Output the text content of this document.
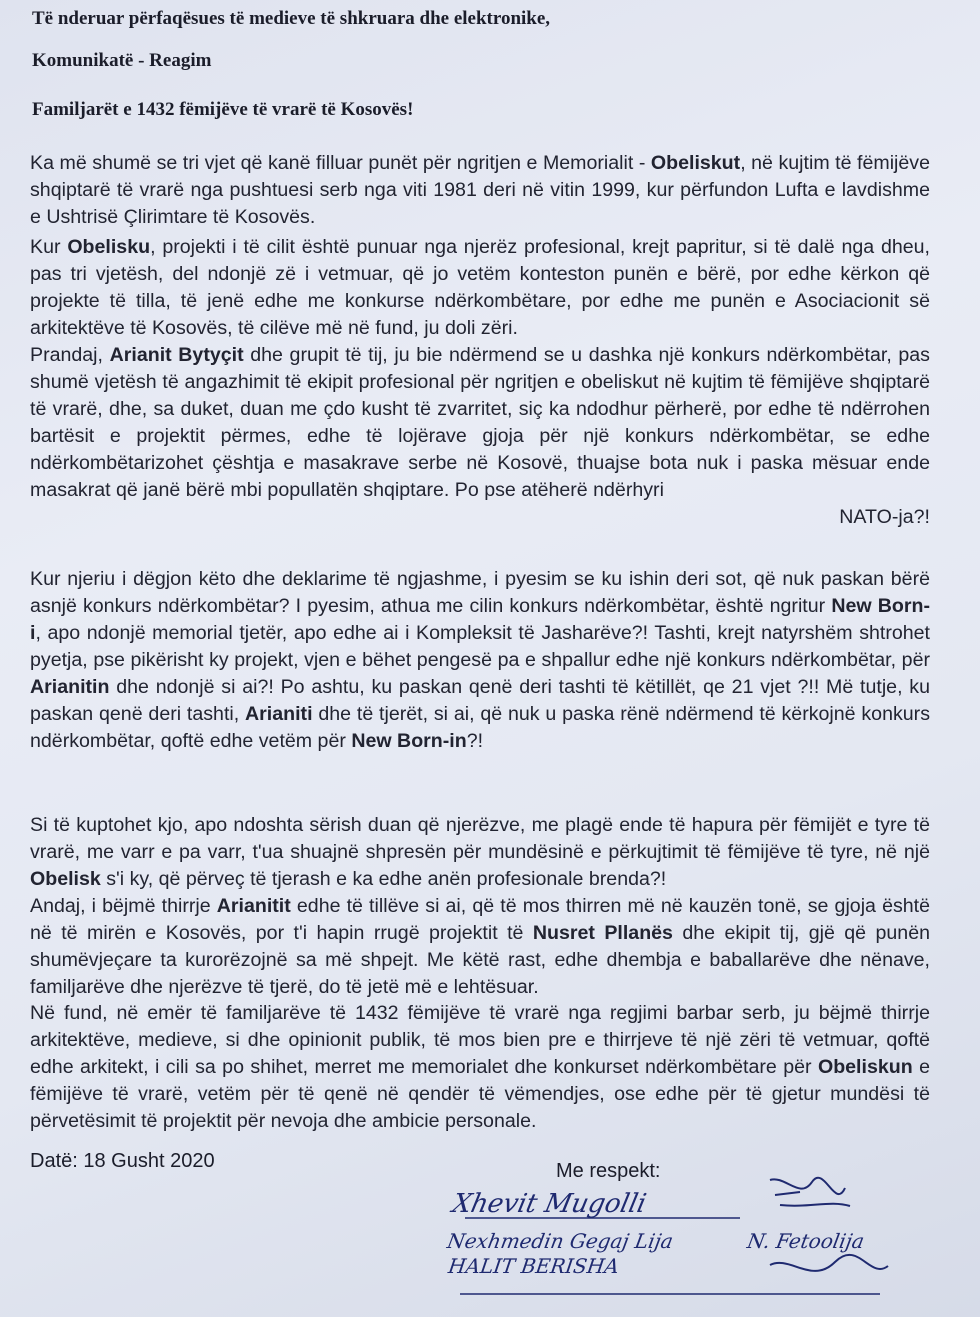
Të nderuar përfaqësues të medieve të shkruara dhe elektronike,
Komunikatë - Reagim
Familjarët e 1432 fëmijëve të vrarë të Kosovës!

Ka më shumë se tri vjet që kanë filluar punët për ngritjen e Memorialit - Obeliskut, në kujtim të fëmijëve shqiptarë të vrarë nga pushtuesi serb nga viti 1981 deri në vitin 1999, kur përfundon Lufta e lavdishme e Ushtrisë Çlirimtare të Kosovës.

Kur Obelisku, projekti i të cilit është punuar nga njerëz profesional, krejt papritur, si të dalë nga dheu, pas tri vjetësh, del ndonjë zë i vetmuar, që jo vetëm konteston punën e bërë, por edhe kërkon që projekte të tilla, të jenë edhe me konkurse ndërkombëtare, por edhe me punën e Asociacionit së arkitektëve të Kosovës, të cilëve më në fund, ju doli zëri.

Prandaj, Arianit Bytyçit dhe grupit të tij, ju bie ndërmend se u dashka një konkurs ndërkombëtar, pas shumë vjetësh të angazhimit të ekipit profesional për ngritjen e obeliskut në kujtim të fëmijëve shqiptarë të vrarë, dhe, sa duket, duan me çdo kusht të zvarritet, siç ka ndodhur përherë, por edhe të ndërrohen bartësit e projektit përmes, edhe të lojërave gjoja për një konkurs ndërkombëtar, se edhe ndërkombëtarizohet çështja e masakrave serbe në Kosovë, thuajse bota nuk i paska mësuar ende masakrat që janë bërë mbi popullatën shqiptare. Po pse atëherë ndërhyri

NATO-ja?!

Kur njeriu i dëgjon këto dhe deklarime të ngjashme, i pyesim se ku ishin deri sot, që nuk paskan bërë asnjë konkurs ndërkombëtar? I pyesim, athua me cilin konkurs ndërkombëtar, është ngritur New Born-i, apo ndonjë memorial tjetër, apo edhe ai i Kompleksit të Jasharëve?! Tashti, krejt natyrshëm shtrohet pyetja, pse pikërisht ky projekt, vjen e bëhet pengesë pa e shpallur edhe një konkurs ndërkombëtar, për Arianitin dhe ndonjë si ai?! Po ashtu, ku paskan qenë deri tashti të këtillët, qe 21 vjet ?!! Më tutje, ku paskan qenë deri tashti, Arianiti dhe të tjerët, si ai, që nuk u paska rënë ndërmend të kërkojnë konkurs ndërkombëtar, qoftë edhe vetëm për New Born-in?!

Si të kuptohet kjo, apo ndoshta sërish duan që njerëzve, me plagë ende të hapura për fëmijët e tyre të vrarë, me varr e pa varr, t'ua shuajnë shpresën për mundësinë e përkujtimit të fëmijëve të tyre, në një Obelisk s'i ky, që përveç të tjerash e ka edhe anën profesionale brenda?!

Andaj, i bëjmë thirrje Arianitit edhe të tillëve si ai, që të mos thirren më në kauzën tonë, se gjoja është në të mirën e Kosovës, por t'i hapin rrugë projektit të Nusret Pllanës dhe ekipit tij, gjë që punën shumëvjeçare ta kurorëzojnë sa më shpejt. Me këtë rast, edhe dhembja e baballarëve dhe nënave, familjarëve dhe njerëzve të tjerë, do të jetë më e lehtësuar.

Në fund, në emër të familjarëve të 1432 fëmijëve të vrarë nga regjimi barbar serb, ju bëjmë thirrje arkitektëve, medieve, si dhe opinionit publik, të mos bien pre e thirrjeve të një zëri të vetmuar, qoftë edhe arkitekt, i cili sa po shihet, merret me memorialet dhe konkurset ndërkombëtare për Obeliskun e fëmijëve të vrarë, vetëm për të qenë në qendër të vëmendjes, ose edhe për të gjetur mundësi të përvetësimit të projektit për nevoja dhe ambicie personale.

Datë: 18 Gusht 2020	Me respekt:
Xhevit Mugolli
Nexhmedin Gegaj Lija
HALIT BERISHA
N. Fetoolija
